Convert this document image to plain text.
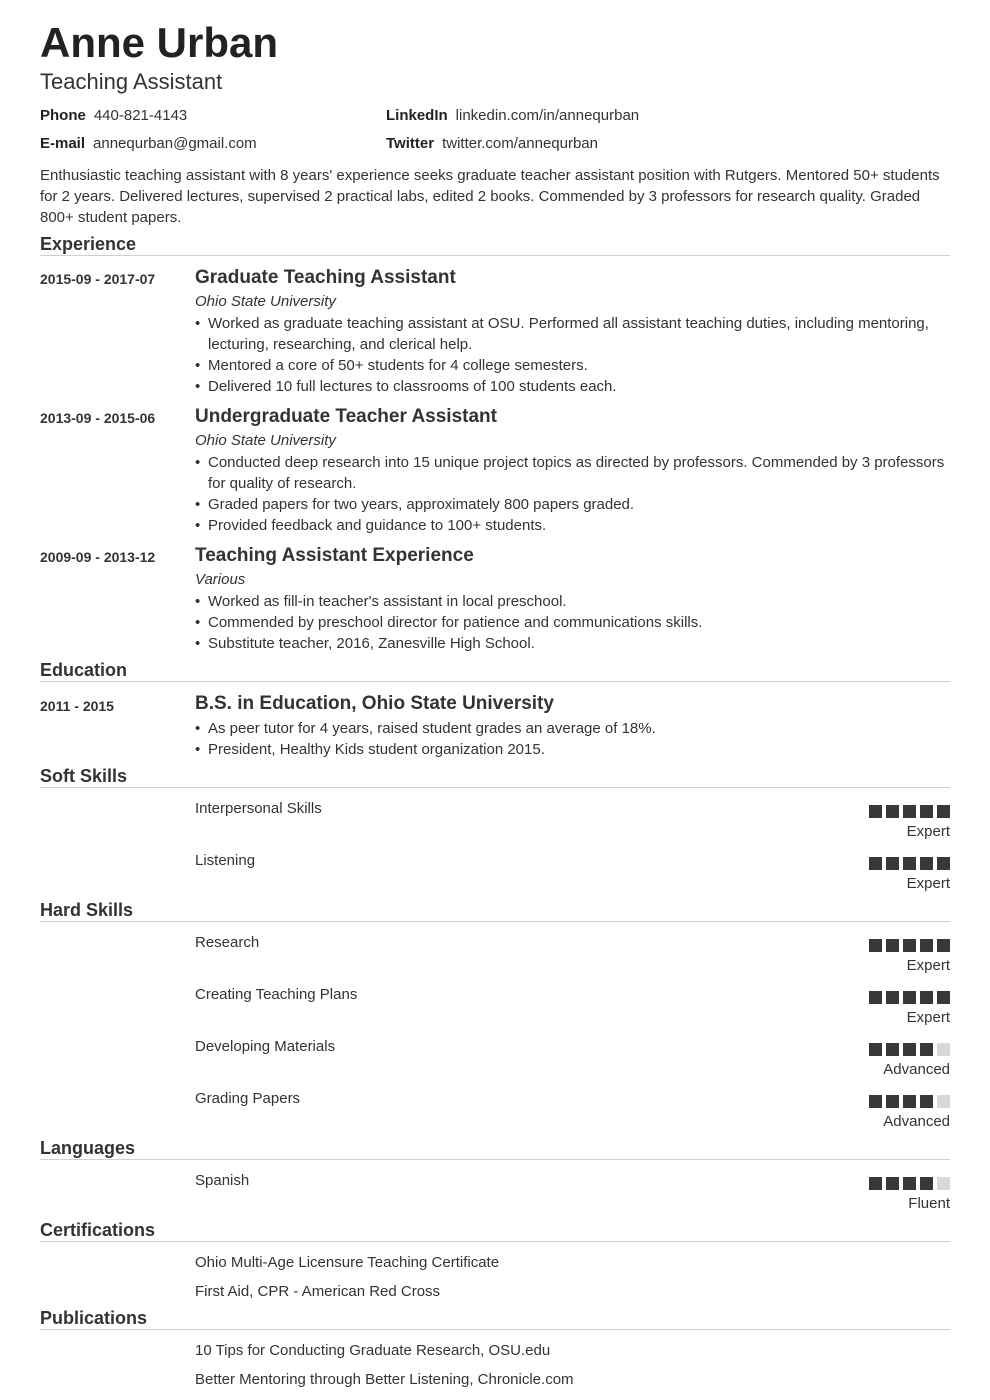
Anne Urban
Teaching Assistant
Phone 440-821-4143
E-mail annequrban@gmail.com
LinkedIn linkedin.com/in/annequrban
Twitter twitter.com/annequrban
Enthusiastic teaching assistant with 8 years' experience seeks graduate teacher assistant position with Rutgers. Mentored 50+ students for 2 years. Delivered lectures, supervised 2 practical labs, edited 2 books. Commended by 3 professors for research quality. Graded 800+ student papers.
Experience
2015-09 - 2017-07 Graduate Teaching Assistant
Ohio State University
• Worked as graduate teaching assistant at OSU. Performed all assistant teaching duties, including mentoring, lecturing, researching, and clerical help.
• Mentored a core of 50+ students for 4 college semesters.
• Delivered 10 full lectures to classrooms of 100 students each.
2013-09 - 2015-06 Undergraduate Teacher Assistant
Ohio State University
• Conducted deep research into 15 unique project topics as directed by professors. Commended by 3 professors for quality of research.
• Graded papers for two years, approximately 800 papers graded.
• Provided feedback and guidance to 100+ students.
2009-09 - 2013-12 Teaching Assistant Experience
Various
• Worked as fill-in teacher's assistant in local preschool.
• Commended by preschool director for patience and communications skills.
• Substitute teacher, 2016, Zanesville High School.
Education
2011 - 2015	B.S. in Education, Ohio State University
• As peer tutor for 4 years, raised student grades an average of 18%.
• President, Healthy Kids student organization 2015.
Soft Skills
Interpersonal Skills
Expert
Listening
Expert
Hard Skills
Research
Expert
Creating Teaching Plans
Expert
Developing Materials
Advanced
Grading Papers
Advanced
Languages
Spanish
Fluent
Certifications
Ohio Multi-Age Licensure Teaching Certificate
First Aid, CPR - American Red Cross
Publications
10 Tips for Conducting Graduate Research, OSU.edu
Better Mentoring through Better Listening, Chronicle.com
